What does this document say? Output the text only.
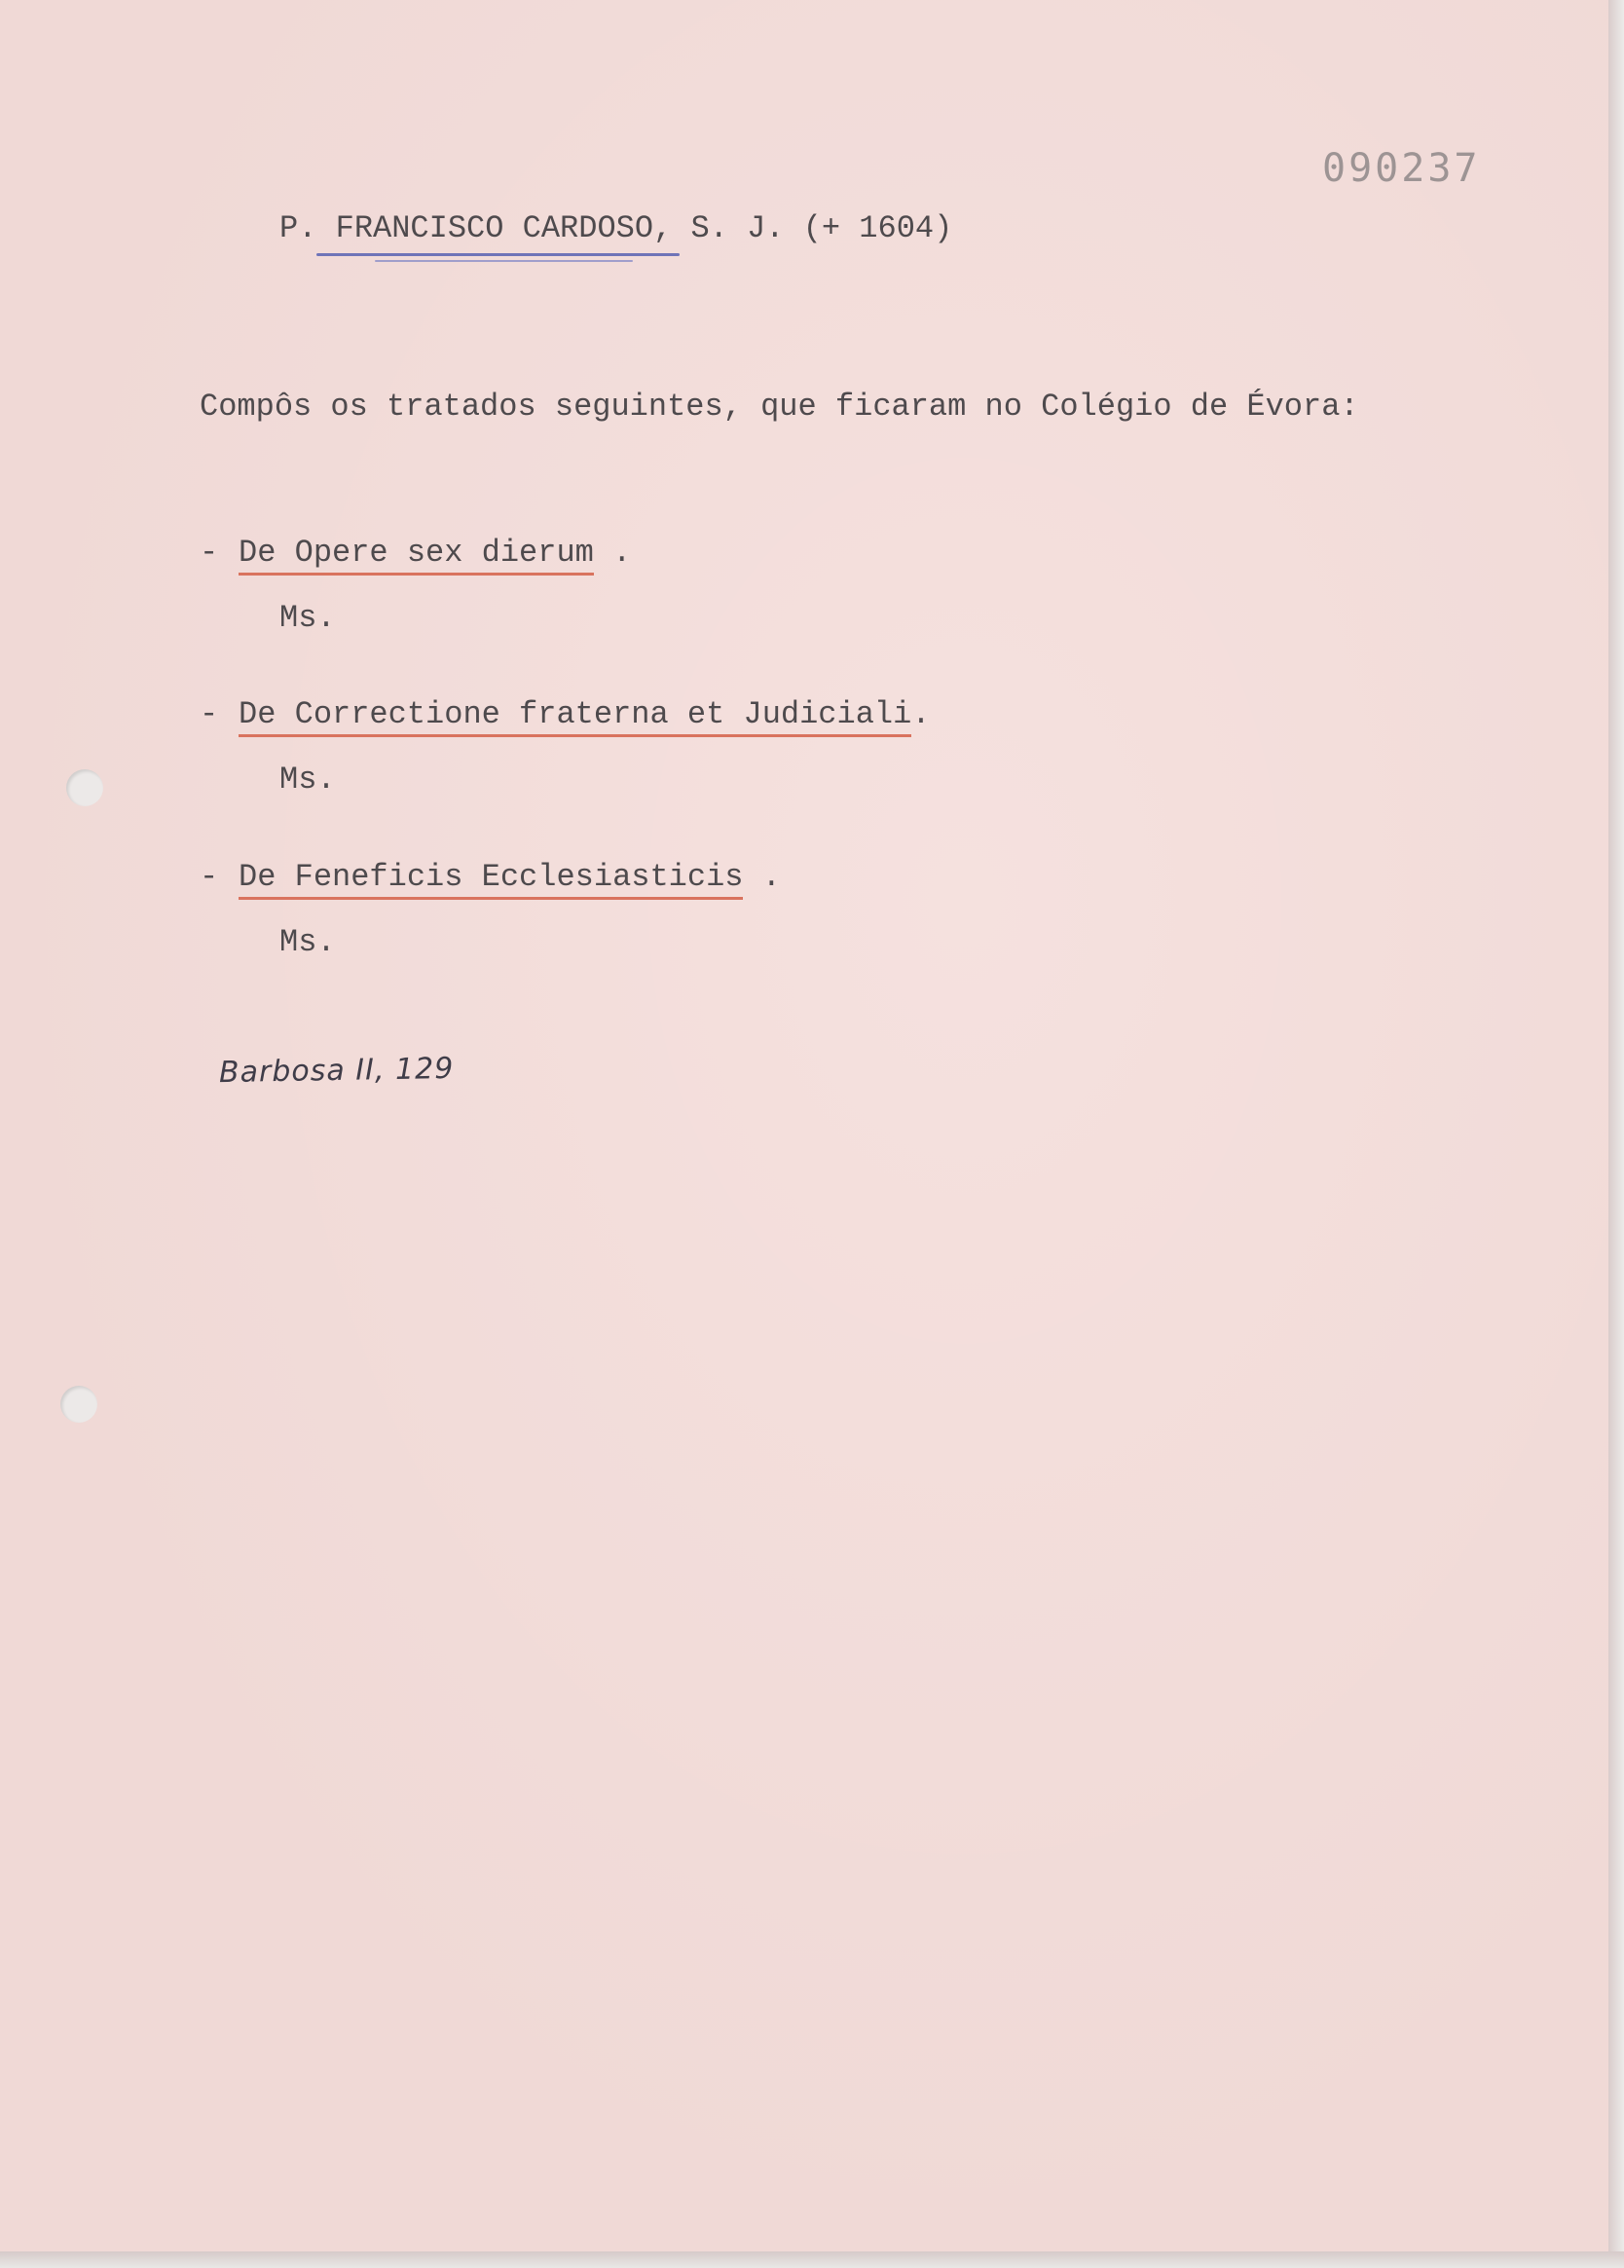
090237
P. FRANCISCO CARDOSO, S. J. (+ 1604)
Compôs os tratados seguintes, que ficaram no Colégio de Évora:
- De Opere sex dierum .
Ms.
- De Correctione fraterna et Judiciali.
Ms.
- De Feneficis Ecclesiasticis .
Ms.
Barbosa II, 129
